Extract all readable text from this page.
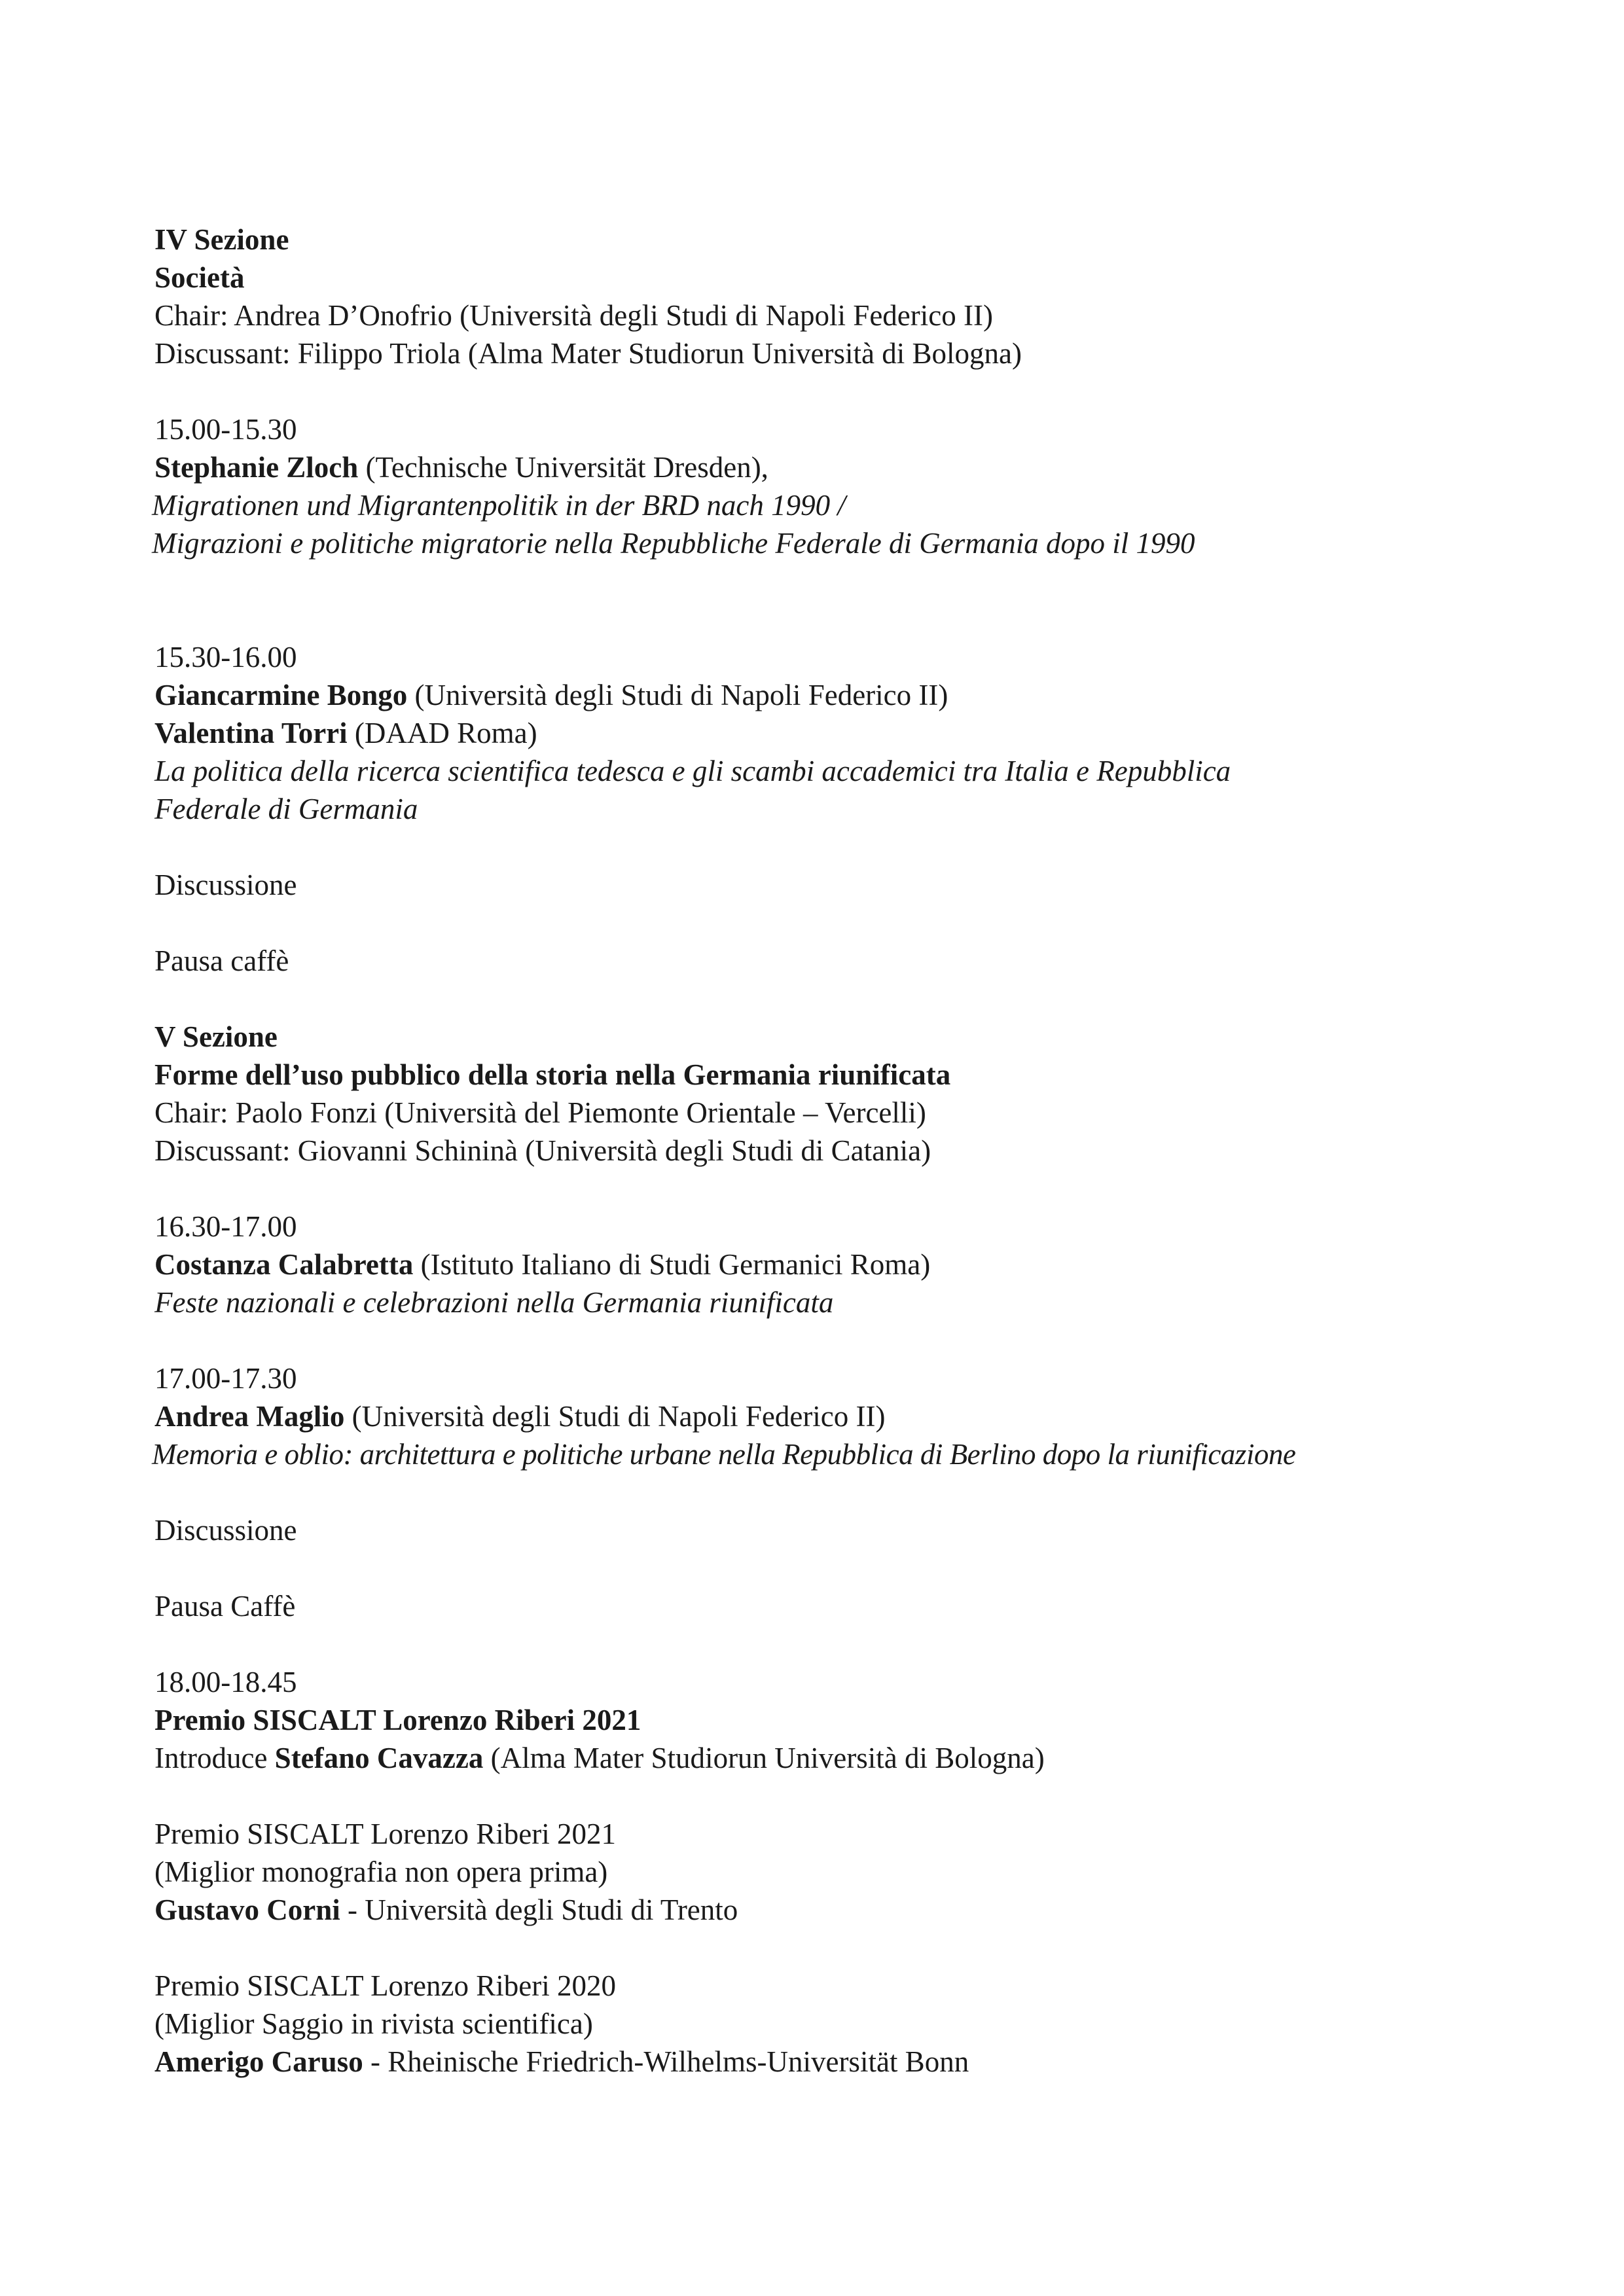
IV Sezione
Società
Chair: Andrea D’Onofrio (Università degli Studi di Napoli Federico II)
Discussant: Filippo Triola (Alma Mater Studiorun Università di Bologna)
15.00-15.30
Stephanie Zloch (Technische Universität Dresden),
Migrationen und Migrantenpolitik in der BRD nach 1990 /
Migrazioni e politiche migratorie nella Repubbliche Federale di Germania dopo il 1990
15.30-16.00
Giancarmine Bongo (Università degli Studi di Napoli Federico II)
Valentina Torri (DAAD Roma)
La politica della ricerca scientifica tedesca e gli scambi accademici tra Italia e Repubblica
Federale di Germania
Discussione
Pausa caffè
V Sezione
Forme dell’uso pubblico della storia nella Germania riunificata
Chair: Paolo Fonzi (Università del Piemonte Orientale – Vercelli)
Discussant: Giovanni Schininà (Università degli Studi di Catania)
16.30-17.00
Costanza Calabretta (Istituto Italiano di Studi Germanici Roma)
Feste nazionali e celebrazioni nella Germania riunificata
17.00-17.30
Andrea Maglio (Università degli Studi di Napoli Federico II)
Memoria e oblio: architettura e politiche urbane nella Repubblica di Berlino dopo la riunificazione
Discussione
Pausa Caffè
18.00-18.45
Premio SISCALT Lorenzo Riberi 2021
Introduce Stefano Cavazza (Alma Mater Studiorun Università di Bologna)
Premio SISCALT Lorenzo Riberi 2021
(Miglior monografia non opera prima)
Gustavo Corni - Università degli Studi di Trento
Premio SISCALT Lorenzo Riberi 2020
(Miglior Saggio in rivista scientifica)
Amerigo Caruso - Rheinische Friedrich-Wilhelms-Universität Bonn
